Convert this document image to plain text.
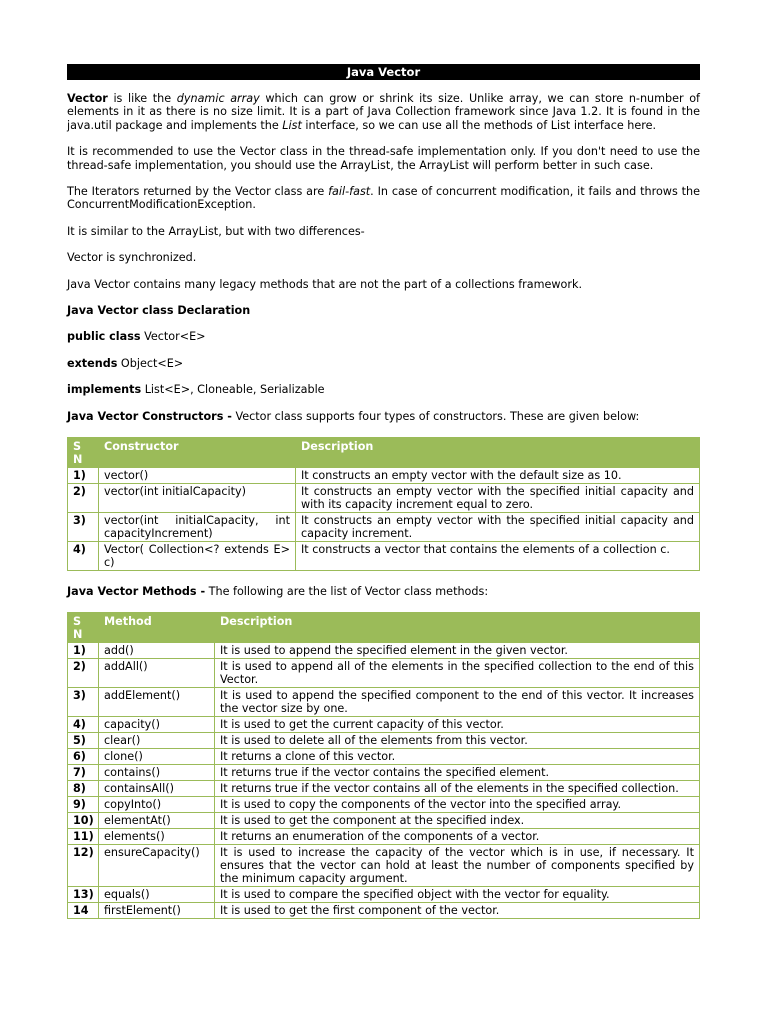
Java Vector

Vector is like the dynamic array which can grow or shrink its size. Unlike array, we can store n-number of elements in it as there is no size limit. It is a part of Java Collection framework since Java 1.2. It is found in the java.util package and implements the List interface, so we can use all the methods of List interface here.

It is recommended to use the Vector class in the thread-safe implementation only. If you don't need to use the thread-safe implementation, you should use the ArrayList, the ArrayList will perform better in such case.

The Iterators returned by the Vector class are fail-fast. In case of concurrent modification, it fails and throws the ConcurrentModificationException.

It is similar to the ArrayList, but with two differences-

Vector is synchronized.

Java Vector contains many legacy methods that are not the part of a collections framework.

Java Vector class Declaration

public class Vector<E>

extends Object<E>

implements List<E>, Cloneable, Serializable

Java Vector Constructors - Vector class supports four types of constructors. These are given below:

S N	Constructor	Description
1)	vector()	It constructs an empty vector with the default size as 10.
2)	vector(int initialCapacity)	It constructs an empty vector with the specified initial capacity and with its capacity increment equal to zero.
3)	vector(int initialCapacity, int capacityIncrement)	It constructs an empty vector with the specified initial capacity and capacity increment.
4)	Vector( Collection<? extends E> c)	It constructs a vector that contains the elements of a collection c.

Java Vector Methods - The following are the list of Vector class methods:

S N	Method	Description
1)	add()	It is used to append the specified element in the given vector.
2)	addAll()	It is used to append all of the elements in the specified collection to the end of this Vector.
3)	addElement()	It is used to append the specified component to the end of this vector. It increases the vector size by one.
4)	capacity()	It is used to get the current capacity of this vector.
5)	clear()	It is used to delete all of the elements from this vector.
6)	clone()	It returns a clone of this vector.
7)	contains()	It returns true if the vector contains the specified element.
8)	containsAll()	It returns true if the vector contains all of the elements in the specified collection.
9)	copyInto()	It is used to copy the components of the vector into the specified array.
10)	elementAt()	It is used to get the component at the specified index.
11)	elements()	It returns an enumeration of the components of a vector.
12)	ensureCapacity()	It is used to increase the capacity of the vector which is in use, if necessary. It ensures that the vector can hold at least the number of components specified by the minimum capacity argument.
13)	equals()	It is used to compare the specified object with the vector for equality.
14	firstElement()	It is used to get the first component of the vector.
